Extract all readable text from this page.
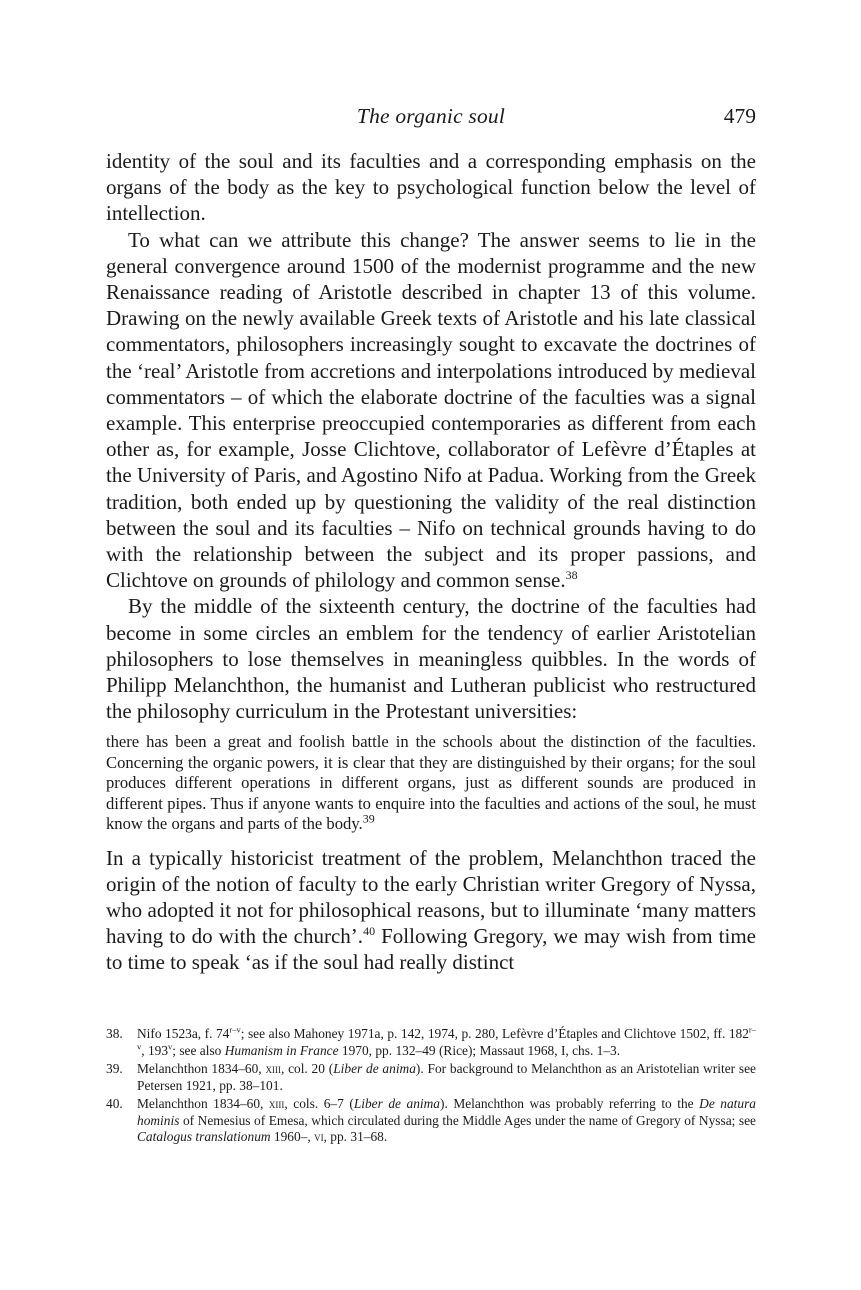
The organic soul	479

identity of the soul and its faculties and a corresponding emphasis on the organs of the body as the key to psychological function below the level of intellection.

To what can we attribute this change? The answer seems to lie in the general convergence around 1500 of the modernist programme and the new Renaissance reading of Aristotle described in chapter 13 of this volume. Drawing on the newly available Greek texts of Aristotle and his late classical commentators, philosophers increasingly sought to excavate the doctrines of the ‘real’ Aristotle from accretions and interpolations introduced by medieval commentators – of which the elaborate doctrine of the faculties was a signal example. This enterprise preoccupied contemporaries as different from each other as, for example, Josse Clichtove, collaborator of Lefèvre d’Étaples at the University of Paris, and Agostino Nifo at Padua. Working from the Greek tradition, both ended up by questioning the validity of the real distinction between the soul and its faculties – Nifo on technical grounds having to do with the relationship between the subject and its proper passions, and Clichtove on grounds of philology and common sense.$^{38}$

By the middle of the sixteenth century, the doctrine of the faculties had become in some circles an emblem for the tendency of earlier Aristotelian philosophers to lose themselves in meaningless quibbles. In the words of Philipp Melanchthon, the humanist and Lutheran publicist who restructured the philosophy curriculum in the Protestant universities:

there has been a great and foolish battle in the schools about the distinction of the faculties. Concerning the organic powers, it is clear that they are distinguished by their organs; for the soul produces different operations in different organs, just as different sounds are produced in different pipes. Thus if anyone wants to enquire into the faculties and actions of the soul, he must know the organs and parts of the body.$^{39}$

In a typically historicist treatment of the problem, Melanchthon traced the origin of the notion of faculty to the early Christian writer Gregory of Nyssa, who adopted it not for philosophical reasons, but to illuminate ‘many matters having to do with the church’.$^{40}$ Following Gregory, we may wish from time to time to speak ‘as if the soul had really distinct

38. Nifo 1523a, f. 74$^{r-v}$; see also Mahoney 1971a, p. 142, 1974, p. 280, Lefèvre d’Étaples and Clichtove 1502, ff. 182$^{r-v}$, 193$^v$; see also Humanism in France 1970, pp. 132–49 (Rice); Massaut 1968, I, chs. 1–3.
39. Melanchthon 1834–60, xiii, col. 20 (Liber de anima). For background to Melanchthon as an Aristotelian writer see Petersen 1921, pp. 38–101.
40. Melanchthon 1834–60, xiii, cols. 6–7 (Liber de anima). Melanchthon was probably referring to the De natura hominis of Nemesius of Emesa, which circulated during the Middle Ages under the name of Gregory of Nyssa; see Catalogus translationum 1960–, vi, pp. 31–68.
